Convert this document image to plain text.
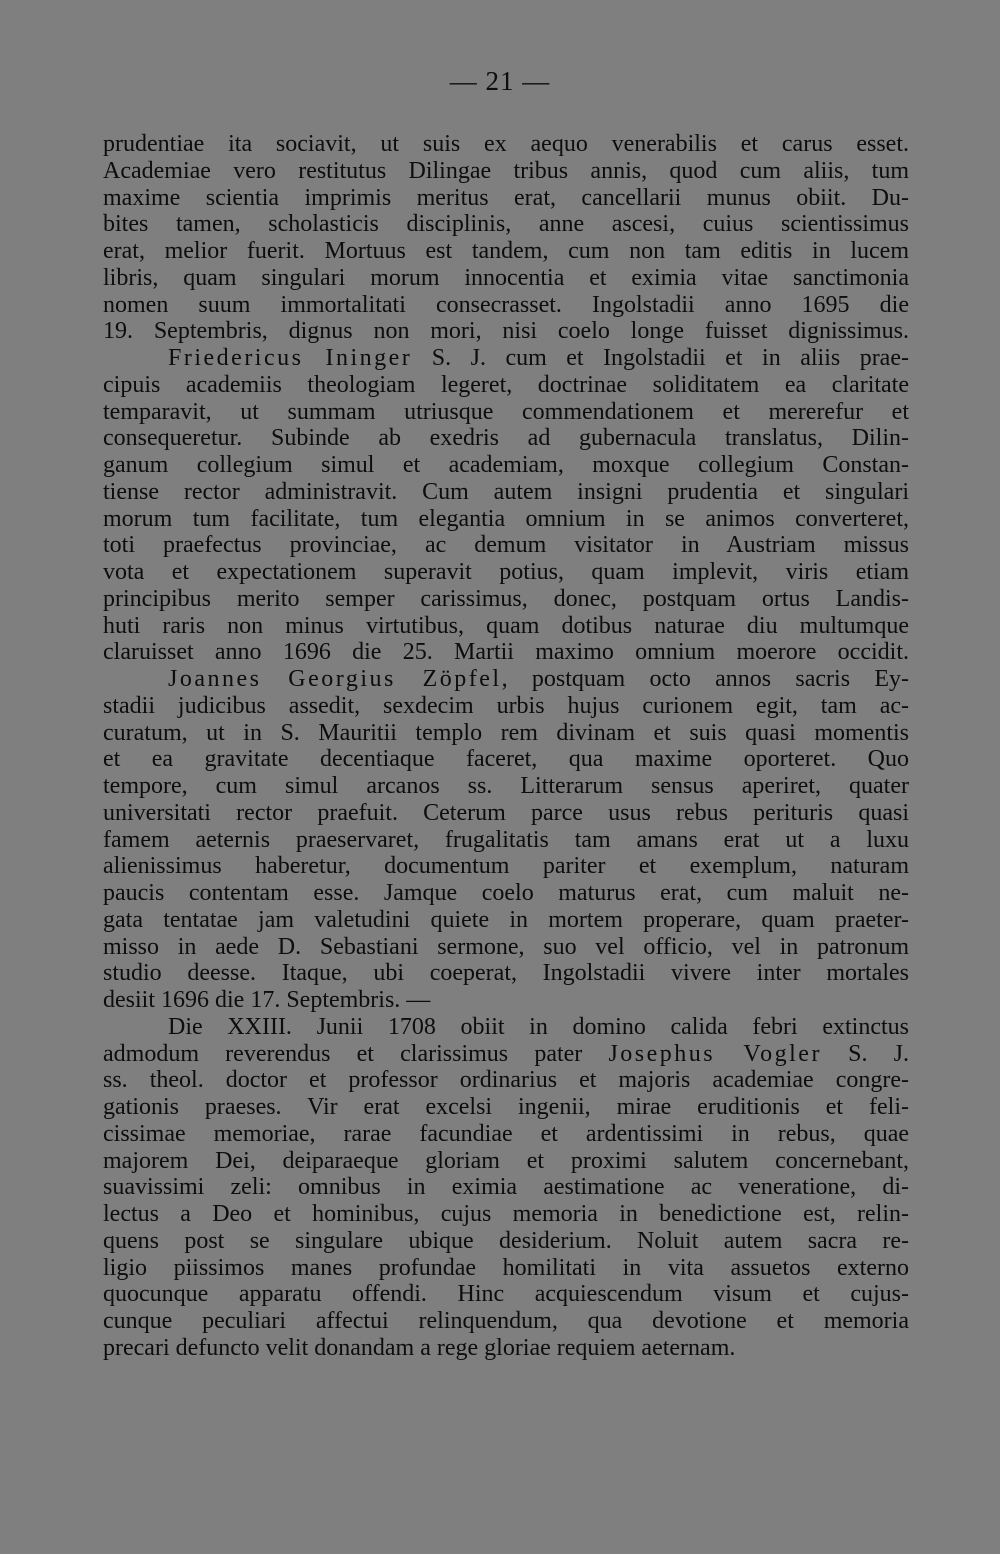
— 21 —
prudentiae ita sociavit, ut suis ex aequo venerabilis et carus esset.
Academiae vero restitutus Dilingae tribus annis, quod cum aliis, tum
maxime scientia imprimis meritus erat, cancellarii munus obiit. Du-
bites tamen, scholasticis disciplinis, anne ascesi, cuius scientissimus
erat, melior fuerit. Mortuus est tandem, cum non tam editis in lucem
libris, quam singulari morum innocentia et eximia vitae sanctimonia
nomen suum immortalitati consecrasset. Ingolstadii anno 1695 die
19. Septembris, dignus non mori, nisi coelo longe fuisset dignissimus.
Friedericus Ininger S. J. cum et Ingolstadii et in aliis prae-
cipuis academiis theologiam legeret, doctrinae soliditatem ea claritate
temparavit, ut summam utriusque commendationem et mererefur et
consequeretur. Subinde ab exedris ad gubernacula translatus, Dilin-
ganum collegium simul et academiam, moxque collegium Constan-
tiense rector administravit. Cum autem insigni prudentia et singulari
morum tum facilitate, tum elegantia omnium in se animos converteret,
toti praefectus provinciae, ac demum visitator in Austriam missus
vota et expectationem superavit potius, quam implevit, viris etiam
principibus merito semper carissimus, donec, postquam ortus Landis-
huti raris non minus virtutibus, quam dotibus naturae diu multumque
claruisset anno 1696 die 25. Martii maximo omnium moerore occidit.
Joannes Georgius Zöpfel, postquam octo annos sacris Ey-
stadii judicibus assedit, sexdecim urbis hujus curionem egit, tam ac-
curatum, ut in S. Mauritii templo rem divinam et suis quasi momentis
et ea gravitate decentiaque faceret, qua maxime oporteret. Quo
tempore, cum simul arcanos ss. Litterarum sensus aperiret, quater
universitati rector praefuit. Ceterum parce usus rebus perituris quasi
famem aeternis praeservaret, frugalitatis tam amans erat ut a luxu
alienissimus haberetur, documentum pariter et exemplum, naturam
paucis contentam esse. Jamque coelo maturus erat, cum maluit ne-
gata tentatae jam valetudini quiete in mortem properare, quam praeter-
misso in aede D. Sebastiani sermone, suo vel officio, vel in patronum
studio deesse. Itaque, ubi coeperat, Ingolstadii vivere inter mortales
desiit 1696 die 17. Septembris. —
Die XXIII. Junii 1708 obiit in domino calida febri extinctus
admodum reverendus et clarissimus pater Josephus Vogler S. J.
ss. theol. doctor et professor ordinarius et majoris academiae congre-
gationis praeses. Vir erat excelsi ingenii, mirae eruditionis et feli-
cissimae memoriae, rarae facundiae et ardentissimi in rebus, quae
majorem Dei, deiparaeque gloriam et proximi salutem concernebant,
suavissimi zeli: omnibus in eximia aestimatione ac veneratione, di-
lectus a Deo et hominibus, cujus memoria in benedictione est, relin-
quens post se singulare ubique desiderium. Noluit autem sacra re-
ligio piissimos manes profundae homilitati in vita assuetos externo
quocunque apparatu offendi. Hinc acquiescendum visum et cujus-
cunque peculiari affectui relinquendum, qua devotione et memoria
precari defuncto velit donandam a rege gloriae requiem aeternam.
